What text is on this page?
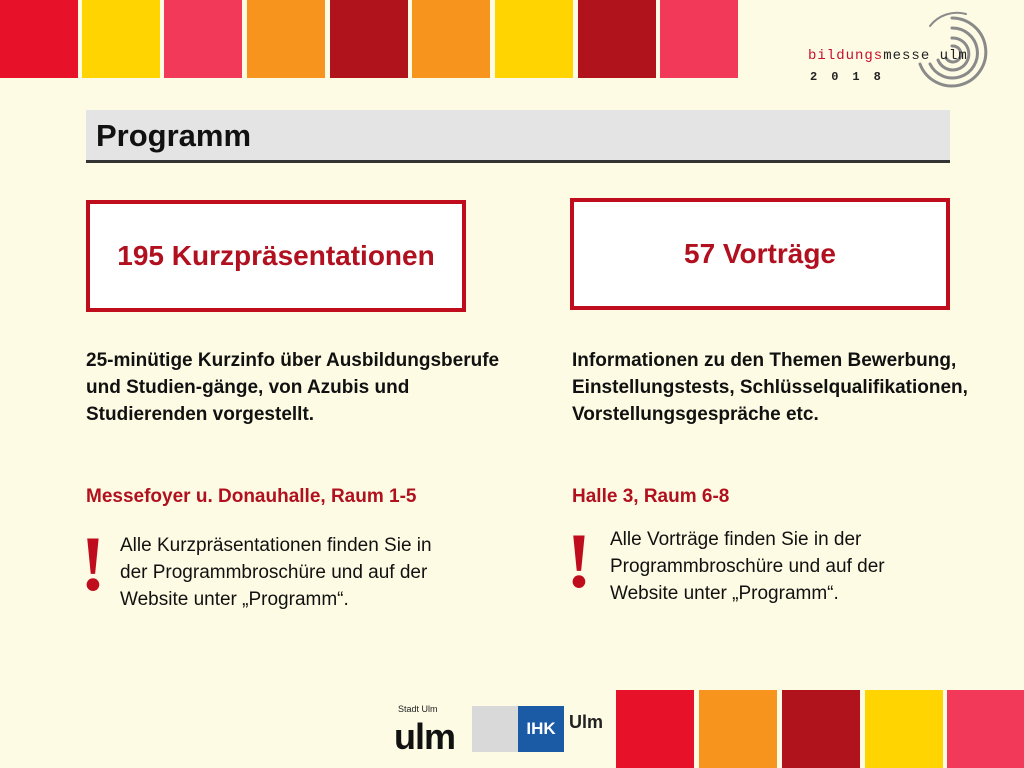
bildungsmesse ulm
2018
Programm
195 Kurzpräsentationen	57 Vorträge
25-minütige Kurzinfo über Ausbildungsberufe und Studien-gänge, von Azubis und Studierenden vorgestellt.
Informationen zu den Themen Bewerbung, Einstellungstests, Schlüsselqualifikationen, Vorstellungsgespräche etc.
Messefoyer u. Donauhalle, Raum 1-5	Halle 3, Raum 6-8
!	!
Alle Kurzpräsentationen finden Sie in der Programmbroschüre und auf der Website unter „Programm“.
Alle Vorträge finden Sie in der Programmbroschüre und auf der Website unter „Programm“.
Stadt Ulm
ulm	IHK Ulm
